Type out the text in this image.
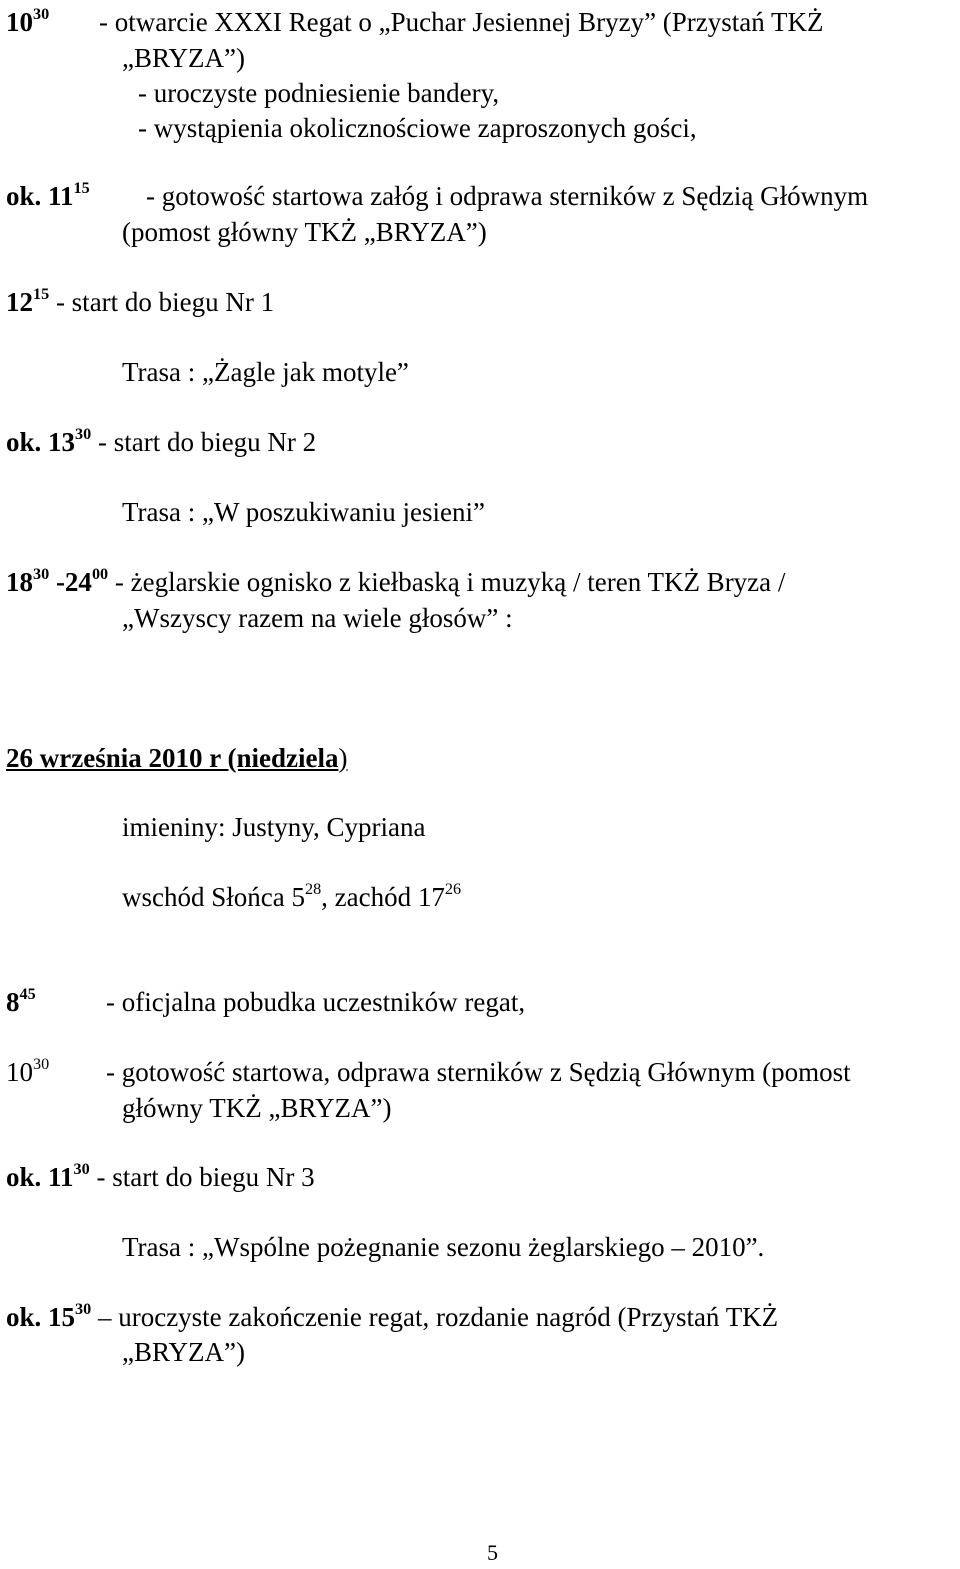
$10^{30}$ - otwarcie XXXI Regat o „Puchar Jesiennej Bryzy” (Przystań TKŻ

„BRYZA”)

- uroczyste podniesienie bandery,

- wystąpienia okolicznościowe zaproszonych gości,

ok. $11^{15}$ - gotowość startowa załóg i odprawa sterników z Sędzią Głównym

(pomost główny TKŻ „BRYZA”)

$12^{15}$ - start do biegu Nr 1

Trasa : „Żagle jak motyle”

ok. $13^{30}$ - start do biegu Nr 2

Trasa : „W poszukiwaniu jesieni”

$18^{30}$ $-24^{00}$ - żeglarskie ognisko z kiełbaską i muzyką / teren TKŻ Bryza /

„Wszyscy razem na wiele głosów” :

26 września 2010 r (niedziela)

imieniny: Justyny, Cypriana

wschód Słońca $5^{28}$, zachód $17^{26}$

$8^{45}$	- oficjalna pobudka uczestników regat,

$10^{30}$ - gotowość startowa, odprawa sterników z Sędzią Głównym (pomost

główny TKŻ „BRYZA”)

ok. $11^{30}$ - start do biegu Nr 3

Trasa : „Wspólne pożegnanie sezonu żeglarskiego – 2010”.

ok. $15^{30}$ – uroczyste zakończenie regat, rozdanie nagród (Przystań TKŻ

„BRYZA”)

5
